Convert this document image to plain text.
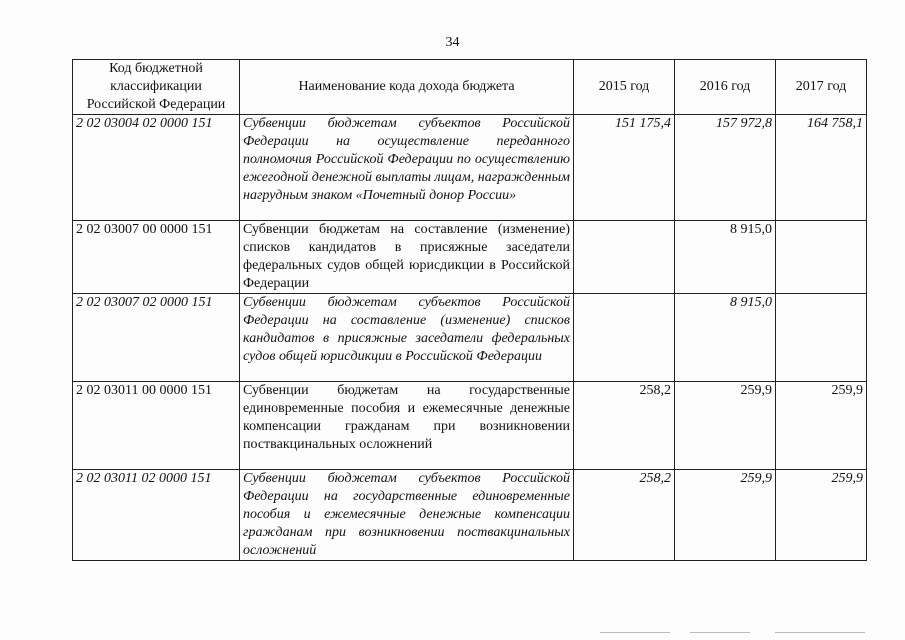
34
Код бюджетной классификации Российской Федерации	Наименование кода дохода бюджета	2015 год	2016 год	2017 год
2 02 03004 02 0000 151	Субвенции бюджетам субъектов Российской Федерации на осуществление переданного полномочия Российской Федерации по осуществлению ежегодной денежной выплаты лицам, награжденным нагрудным знаком «Почетный донор России»	151 175,4	157 972,8	164 758,1
2 02 03007 00 0000 151	Субвенции бюджетам на составление (изменение) списков кандидатов в присяжные заседатели федеральных судов общей юрисдикции в Российской Федерации		8 915,0	
2 02 03007 02 0000 151	Субвенции бюджетам субъектов Российской Федерации на составление (изменение) списков кандидатов в присяжные заседатели федеральных судов общей юрисдикции в Российской Федерации		8 915,0	
2 02 03011 00 0000 151	Субвенции бюджетам на государственные единовременные пособия и ежемесячные денежные компенсации гражданам при возникновении поствакцинальных осложнений	258,2	259,9	259,9
2 02 03011 02 0000 151	Субвенции бюджетам субъектов Российской Федерации на государственные единовременные пособия и ежемесячные денежные компенсации гражданам при возникновении поствакцинальных осложнений	258,2	259,9	259,9
